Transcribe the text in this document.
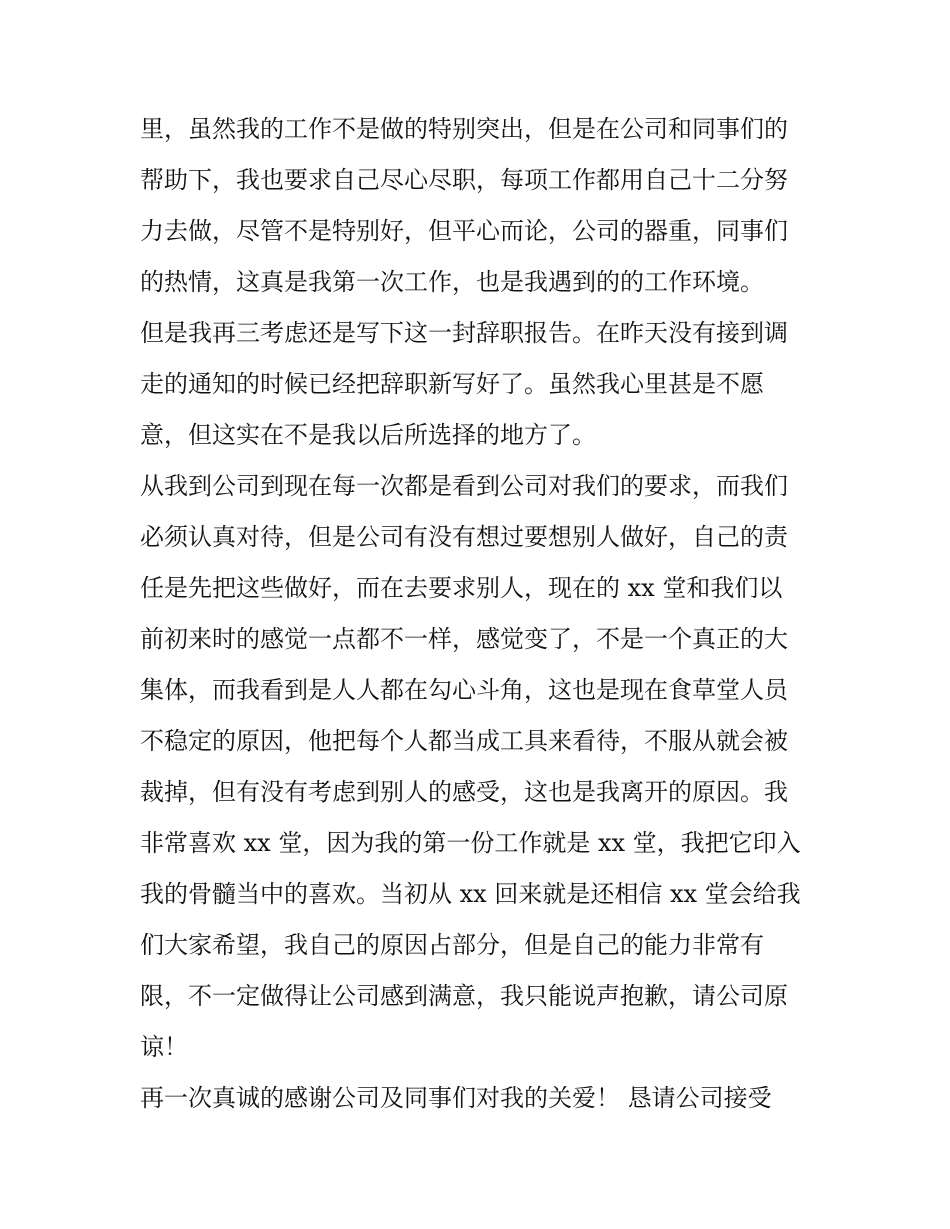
里，虽然我的工作不是做的特别突出，但是在公司和同事们的
帮助下，我也要求自己尽心尽职，每项工作都用自己十二分努
力去做，尽管不是特别好，但平心而论，公司的器重，同事们
的热情，这真是我第一次工作，也是我遇到的的工作环境。
但是我再三考虑还是写下这一封辞职报告。在昨天没有接到调
走的通知的时候已经把辞职新写好了。虽然我心里甚是不愿
意，但这实在不是我以后所选择的地方了。
从我到公司到现在每一次都是看到公司对我们的要求，而我们
必须认真对待，但是公司有没有想过要想别人做好，自己的责
任是先把这些做好，而在去要求别人，现在的 xx 堂和我们以
前初来时的感觉一点都不一样，感觉变了，不是一个真正的大
集体，而我看到是人人都在勾心斗角，这也是现在食草堂人员
不稳定的原因，他把每个人都当成工具来看待，不服从就会被
裁掉，但有没有考虑到别人的感受，这也是我离开的原因。我
非常喜欢 xx 堂，因为我的第一份工作就是 xx 堂，我把它印入
我的骨髓当中的喜欢。当初从 xx 回来就是还相信 xx 堂会给我
们大家希望，我自己的原因占部分，但是自己的能力非常有
限，不一定做得让公司感到满意，我只能说声抱歉，请公司原
谅！
再一次真诚的感谢公司及同事们对我的关爱！ 恳请公司接受
